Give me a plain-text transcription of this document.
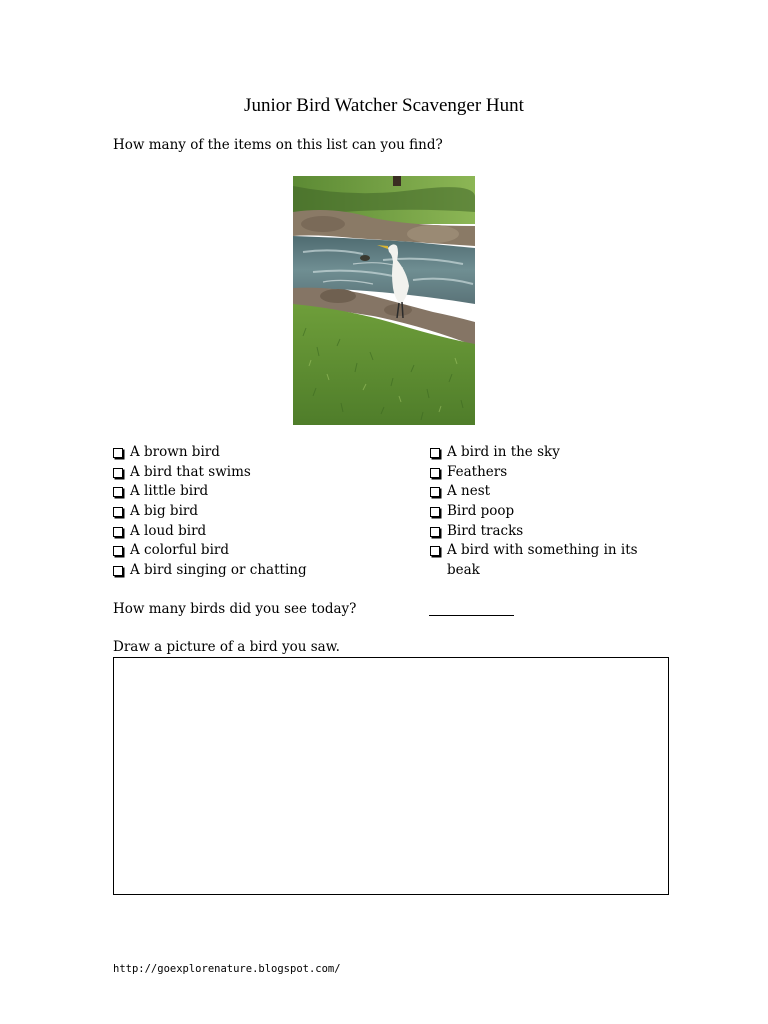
Junior Bird Watcher Scavenger Hunt
How many of the items on this list can you find?
A brown bird
A bird that swims
A little bird
A big bird
A loud bird
A colorful bird
A bird singing or chatting
A bird in the sky
Feathers
A nest
Bird poop
Bird tracks
A bird with something in its beak
How many birds did you see today?
Draw a picture of a bird you saw.
http://goexplorenature.blogspot.com/
